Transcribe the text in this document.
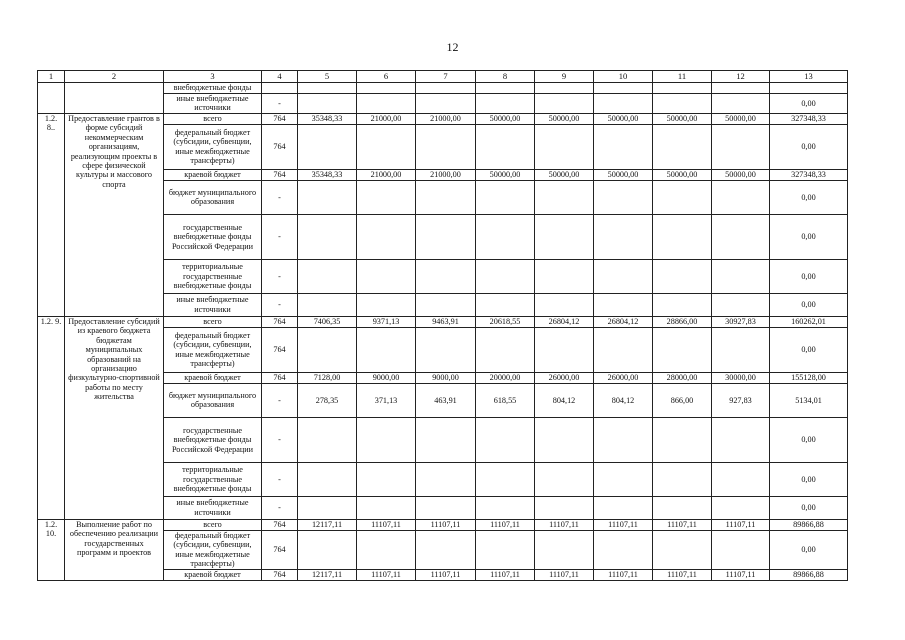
12
1	2	3	4	5	6	7	8	9	10	11	12	13
		внебюджетные фонды										
		иные внебюджетные источники	-									0,00
1.2. 8..	Предоставление грантов в форме субсидий некоммерческим организациям, реализующим проекты в сфере физической культуры и массового спорта	всего	764	35348,33	21000,00	21000,00	50000,00	50000,00	50000,00	50000,00	50000,00	327348,33
		федеральный бюджет (субсидии, субвенции, иные межбюджетные трансферты)	764									0,00
		краевой бюджет	764	35348,33	21000,00	21000,00	50000,00	50000,00	50000,00	50000,00	50000,00	327348,33
		бюджет муниципального образования	-									0,00
		государственные внебюджетные фонды Российской Федерации	-									0,00
		территориальные государственные внебюджетные фонды	-									0,00
		иные внебюджетные источники	-									0,00
1.2. 9.	Предоставление субсидий из краевого бюджета бюджетам муниципальных образований на организацию физкультурно-спортивной работы по месту жительства	всего	764	7406,35	9371,13	9463,91	20618,55	26804,12	26804,12	28866,00	30927,83	160262,01
		федеральный бюджет (субсидии, субвенции, иные межбюджетные трансферты)	764									0,00
		краевой бюджет	764	7128,00	9000,00	9000,00	20000,00	26000,00	26000,00	28000,00	30000,00	155128,00
		бюджет муниципального образования	-	278,35	371,13	463,91	618,55	804,12	804,12	866,00	927,83	5134,01
		государственные внебюджетные фонды Российской Федерации	-									0,00
		территориальные государственные внебюджетные фонды	-									0,00
		иные внебюджетные источники	-									0,00
1.2. 10.	Выполнение работ по обеспечению реализации государственных программ и проектов	всего	764	12117,11	11107,11	11107,11	11107,11	11107,11	11107,11	11107,11	11107,11	89866,88
		федеральный бюджет (субсидии, субвенции, иные межбюджетные трансферты)	764									0,00
		краевой бюджет	764	12117,11	11107,11	11107,11	11107,11	11107,11	11107,11	11107,11	11107,11	89866,88
